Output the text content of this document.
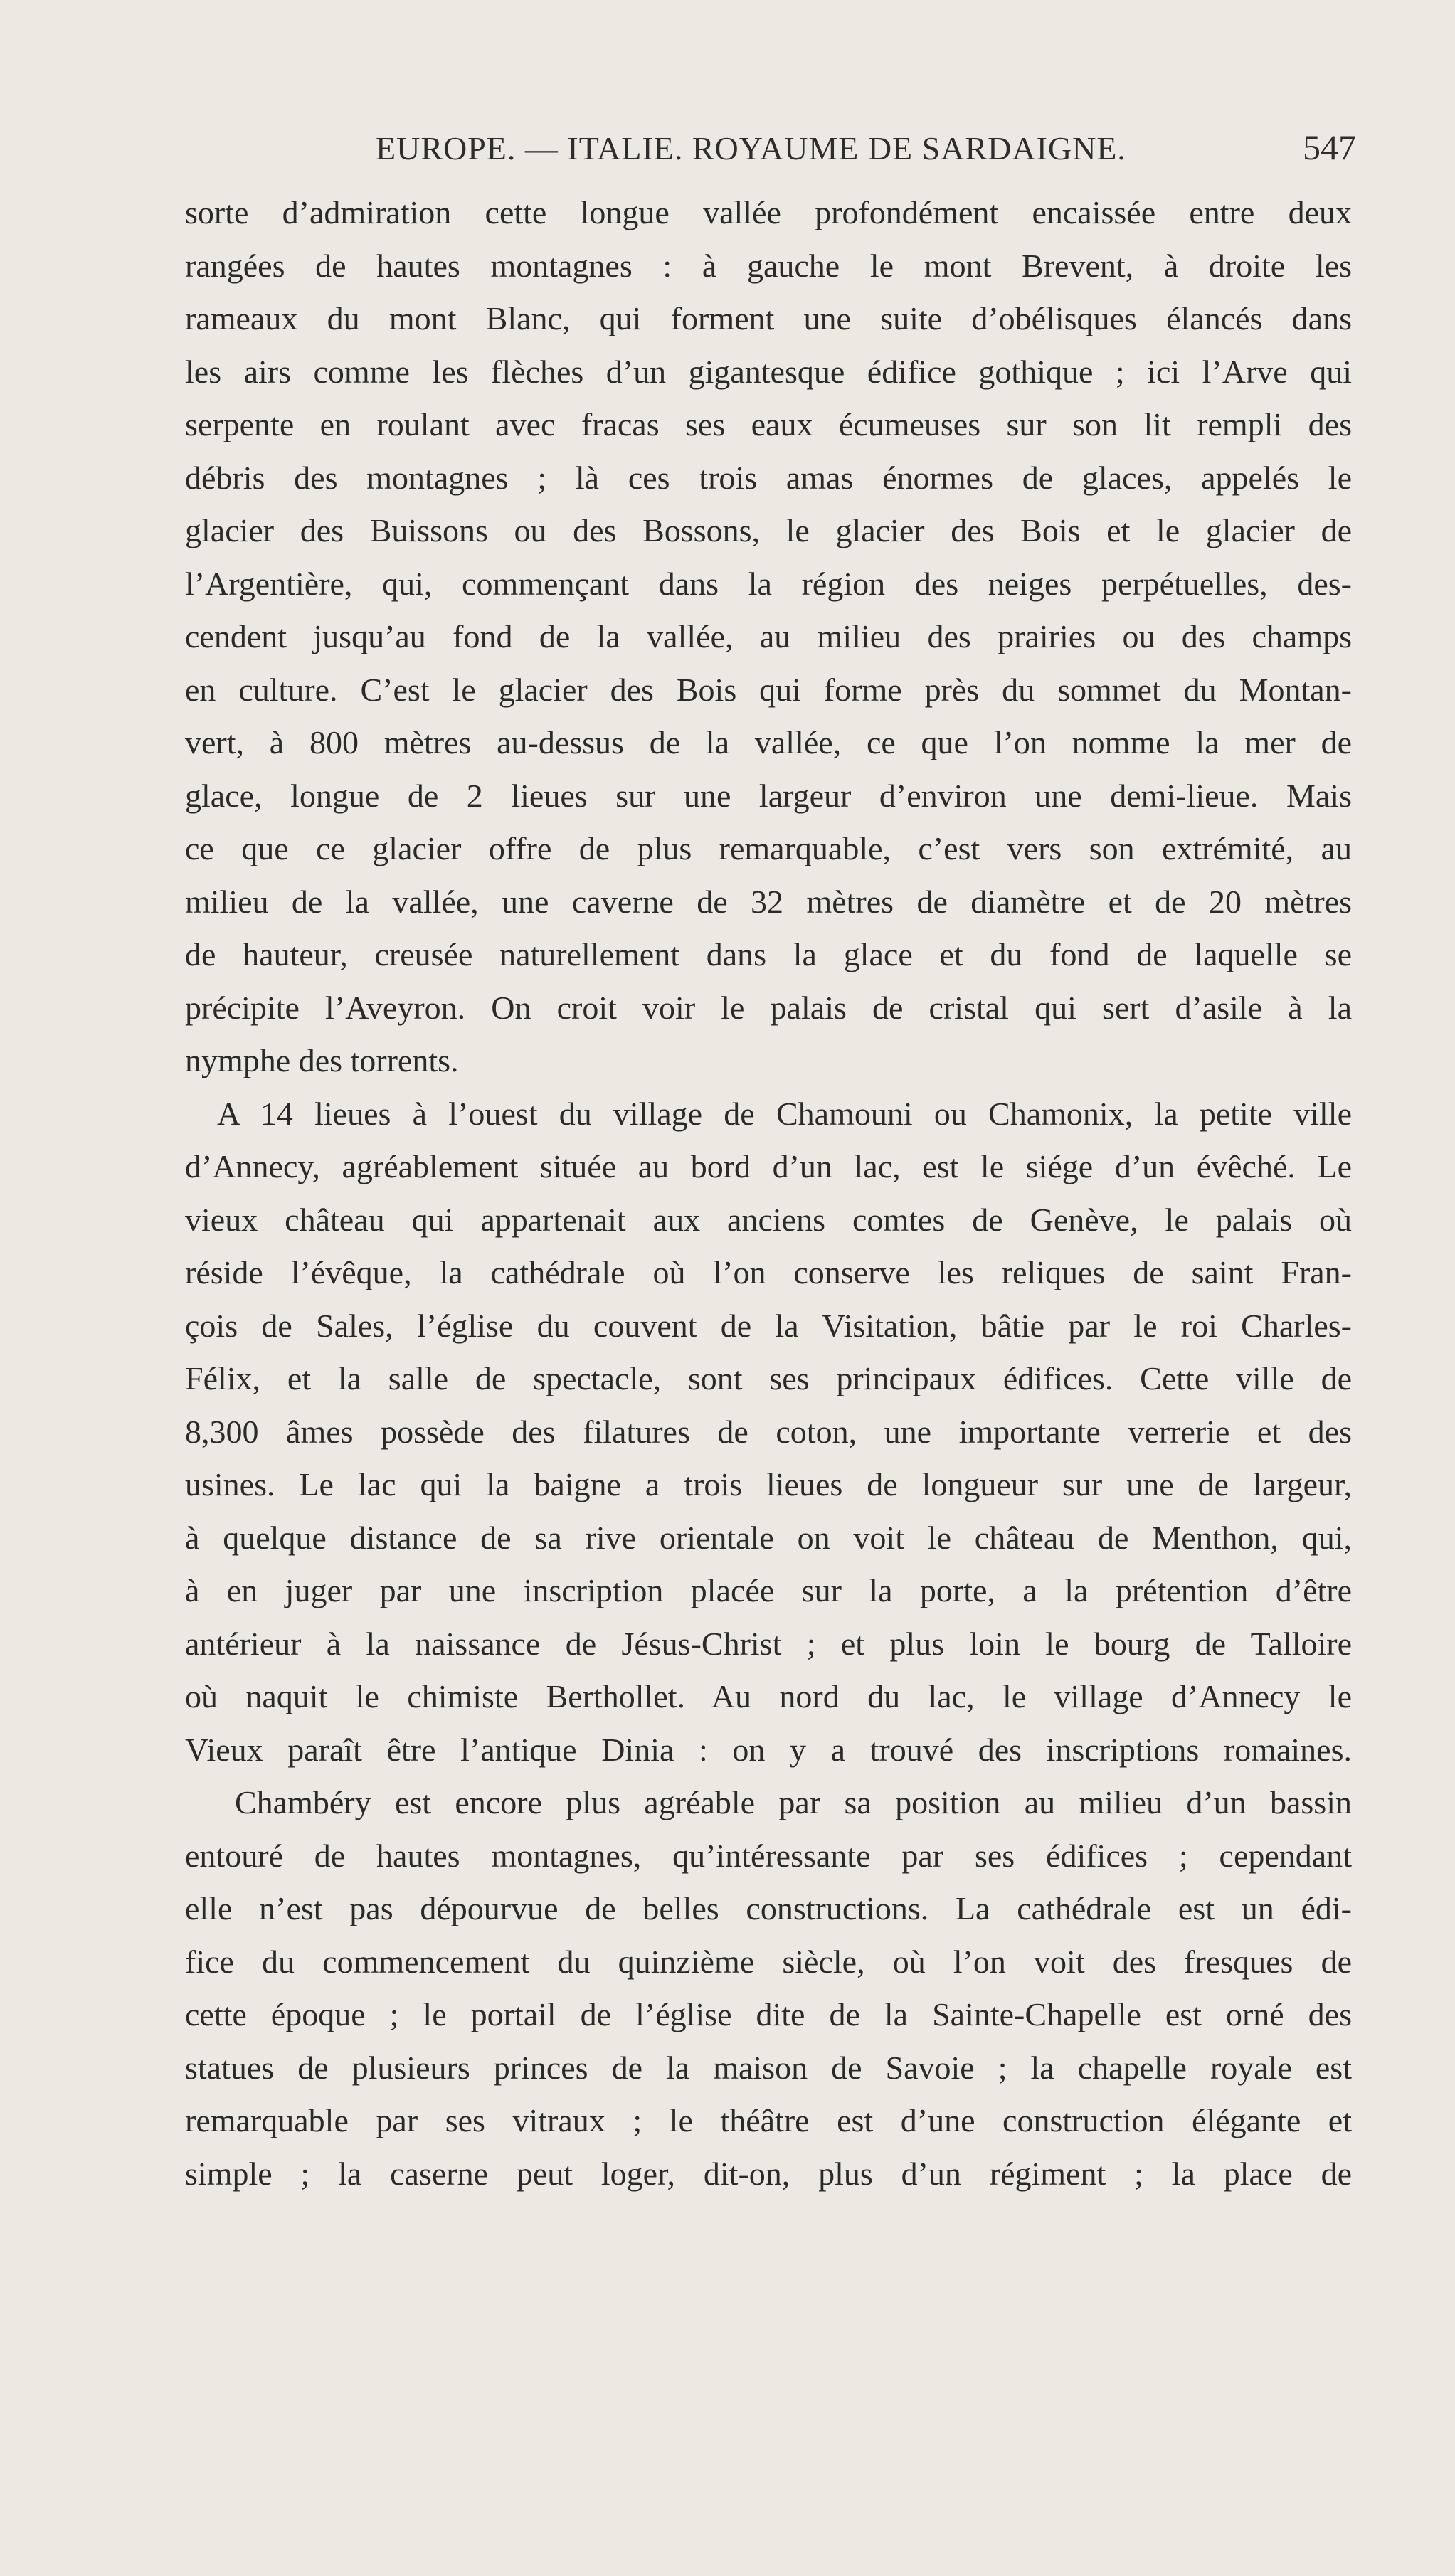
EUROPE. — ITALIE. ROYAUME DE SARDAIGNE.	547
sorte d’admiration cette longue vallée profondément encaissée entre deux
rangées de hautes montagnes : à gauche le mont Brevent, à droite les
rameaux du mont Blanc, qui forment une suite d’obélisques élancés dans
les airs comme les flèches d’un gigantesque édifice gothique ; ici l’Arve qui
serpente en roulant avec fracas ses eaux écumeuses sur son lit rempli des
débris des montagnes ; là ces trois amas énormes de glaces, appelés le
glacier des Buissons ou des Bossons, le glacier des Bois et le glacier de
l’Argentière, qui, commençant dans la région des neiges perpétuelles, des-
cendent jusqu’au fond de la vallée, au milieu des prairies ou des champs
en culture. C’est le glacier des Bois qui forme près du sommet du Montan-
vert, à 800 mètres au-dessus de la vallée, ce que l’on nomme la mer de
glace, longue de 2 lieues sur une largeur d’environ une demi-lieue. Mais
ce que ce glacier offre de plus remarquable, c’est vers son extrémité, au
milieu de la vallée, une caverne de 32 mètres de diamètre et de 20 mètres
de hauteur, creusée naturellement dans la glace et du fond de laquelle se
précipite l’Aveyron. On croit voir le palais de cristal qui sert d’asile à la
nymphe des torrents.
A 14 lieues à l’ouest du village de Chamouni ou Chamonix, la petite ville
d’Annecy, agréablement située au bord d’un lac, est le siége d’un évêché. Le
vieux château qui appartenait aux anciens comtes de Genève, le palais où
réside l’évêque, la cathédrale où l’on conserve les reliques de saint Fran-
çois de Sales, l’église du couvent de la Visitation, bâtie par le roi Charles-
Félix, et la salle de spectacle, sont ses principaux édifices. Cette ville de
8,300 âmes possède des filatures de coton, une importante verrerie et des
usines. Le lac qui la baigne a trois lieues de longueur sur une de largeur,
à quelque distance de sa rive orientale on voit le château de Menthon, qui,
à en juger par une inscription placée sur la porte, a la prétention d’être
antérieur à la naissance de Jésus-Christ ; et plus loin le bourg de Talloire
où naquit le chimiste Berthollet. Au nord du lac, le village d’Annecy le
Vieux paraît être l’antique Dinia : on y a trouvé des inscriptions romaines.
Chambéry est encore plus agréable par sa position au milieu d’un bassin
entouré de hautes montagnes, qu’intéressante par ses édifices ; cependant
elle n’est pas dépourvue de belles constructions. La cathédrale est un édi-
fice du commencement du quinzième siècle, où l’on voit des fresques de
cette époque ; le portail de l’église dite de la Sainte-Chapelle est orné des
statues de plusieurs princes de la maison de Savoie ; la chapelle royale est
remarquable par ses vitraux ; le théâtre est d’une construction élégante et
simple ; la caserne peut loger, dit-on, plus d’un régiment ; la place de
